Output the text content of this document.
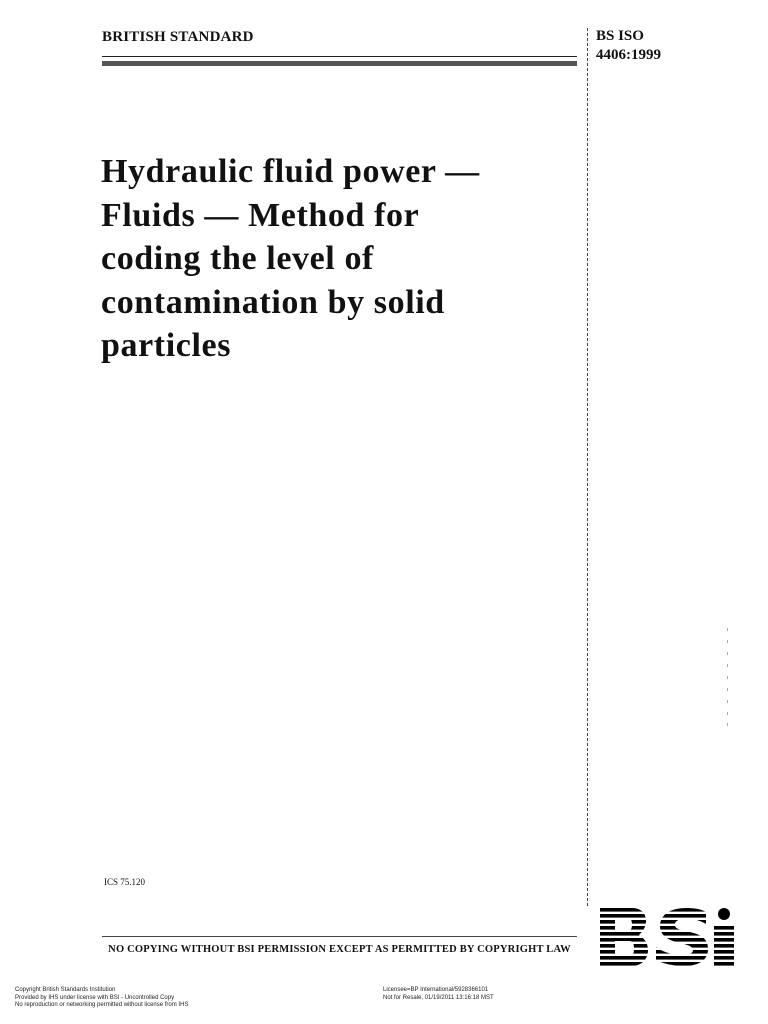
BRITISH STANDARD	BS ISO
4406:1999
Hydraulic fluid power —
Fluids — Method for
coding the level of
contamination by solid
particles
ICS 75.120
NO COPYING WITHOUT BSI PERMISSION EXCEPT AS PERMITTED BY COPYRIGHT LAW
Copyright British Standards Institution
Provided by IHS under license with BSI - Uncontrolled Copy
No reproduction or networking permitted without license from IHS
Licensee=BP International/5928366101
Not for Resale, 01/19/2011 13:16:18 MST
